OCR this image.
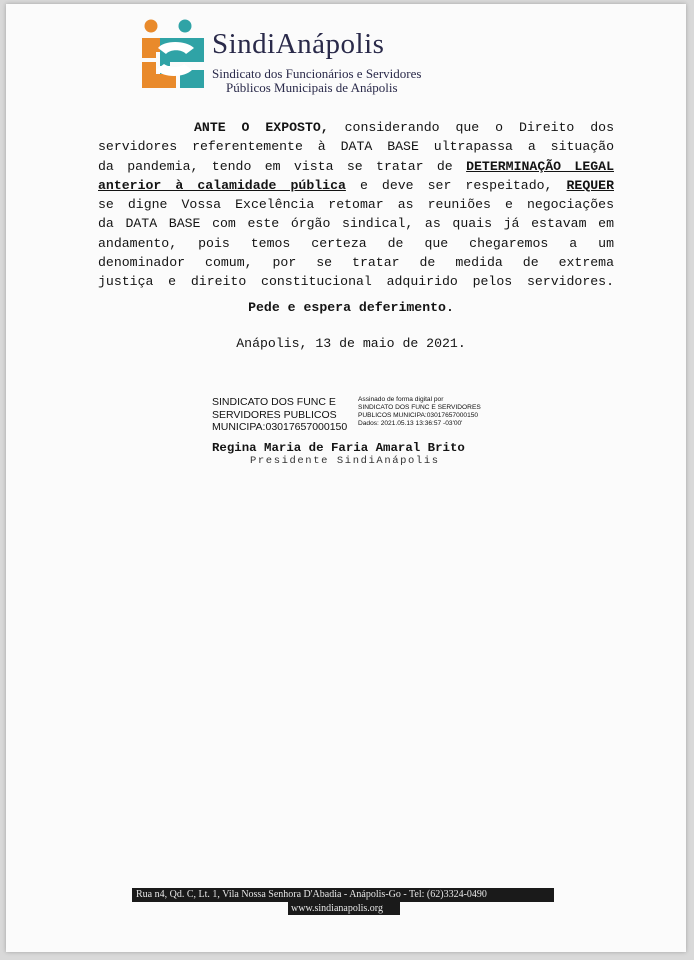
SindiAnápolis
Sindicato dos Funcionários e Servidores
Públicos Municipais de Anápolis
ANTE O EXPOSTO, considerando que o Direito dos
servidores referentemente à DATA BASE ultrapassa a situação
da pandemia, tendo em vista se tratar de DETERMINAÇÃO LEGAL
anterior à calamidade pública e deve ser respeitado, REQUER
se digne Vossa Excelência retomar as reuniões e negociações
da DATA BASE com este órgão sindical, as quais já estavam em
andamento, pois temos certeza de que chegaremos a um
denominador comum, por se tratar de medida de extrema
justiça e direito constitucional adquirido pelos servidores.
Pede e espera deferimento.
Anápolis, 13 de maio de 2021.
SINDICATO DOS FUNC E
SERVIDORES PUBLICOS
MUNICIPA:03017657000150
Assinado de forma digital por
SINDICATO DOS FUNC E SERVIDORES
PUBLICOS MUNICIPA:03017657000150
Dados: 2021.05.13 13:36:57 -03'00'
Regina Maria de Faria Amaral Brito
Presidente SindiAnápolis
Rua n4, Qd. C, Lt. 1, Vila Nossa Senhora D'Abadia - Anápolis-Go - Tel: (62)3324-0490
www.sindianapolis.org
